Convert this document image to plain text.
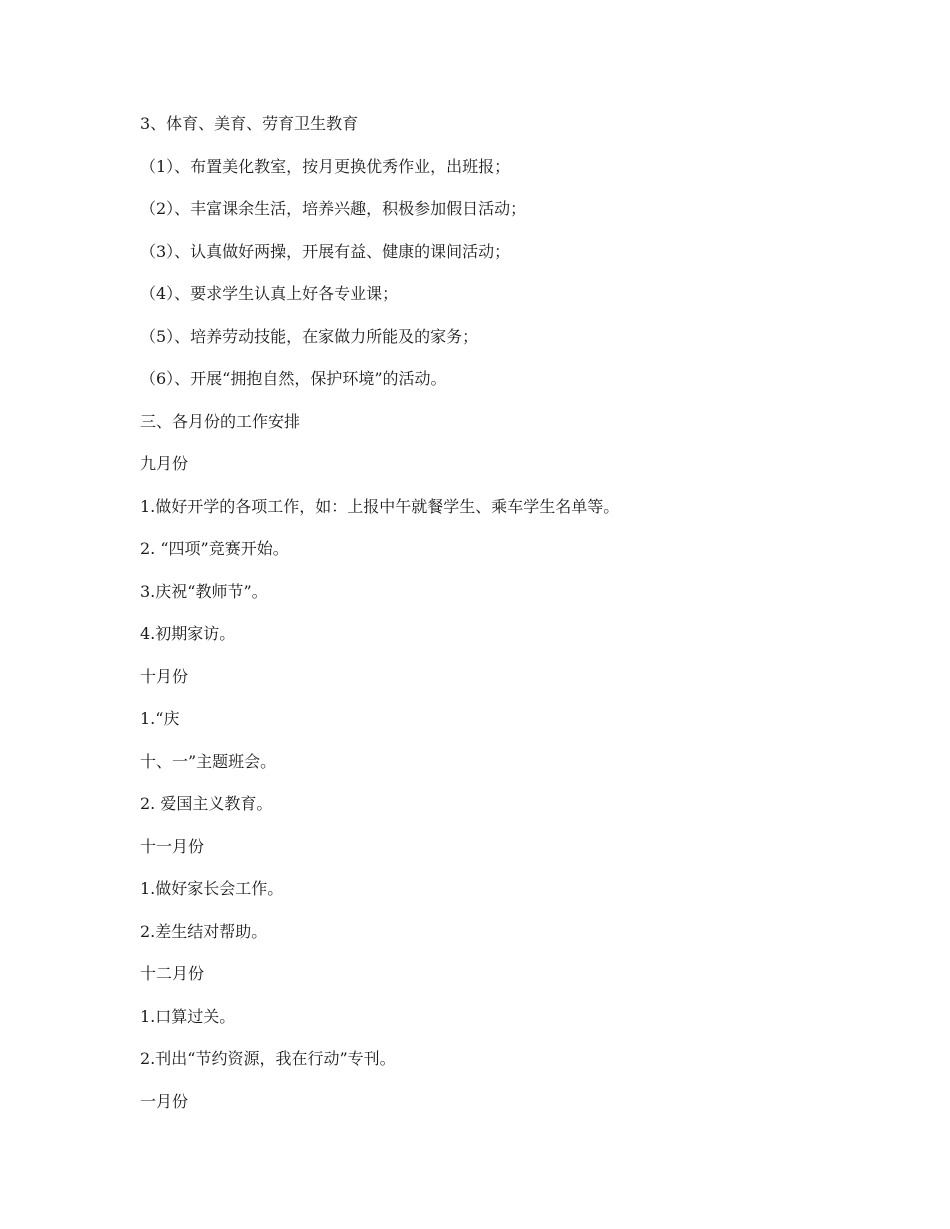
3、体育、美育、劳育卫生教育
（1）、布置美化教室，按月更换优秀作业，出班报；
（2）、丰富课余生活，培养兴趣，积极参加假日活动；
（3）、认真做好两操，开展有益、健康的课间活动；
（4）、要求学生认真上好各专业课；
（5）、培养劳动技能，在家做力所能及的家务；
（6）、开展“拥抱自然，保护环境”的活动。
三、各月份的工作安排
九月份
1.做好开学的各项工作，如：上报中午就餐学生、乘车学生名单等。
2. “四项”竞赛开始。
3.庆祝“教师节”。
4.初期家访。
十月份
1.“庆
十、一”主题班会。
2. 爱国主义教育。
十一月份
1.做好家长会工作。
2.差生结对帮助。
十二月份
1.口算过关。
2.刊出“节约资源，我在行动”专刊。
一月份
